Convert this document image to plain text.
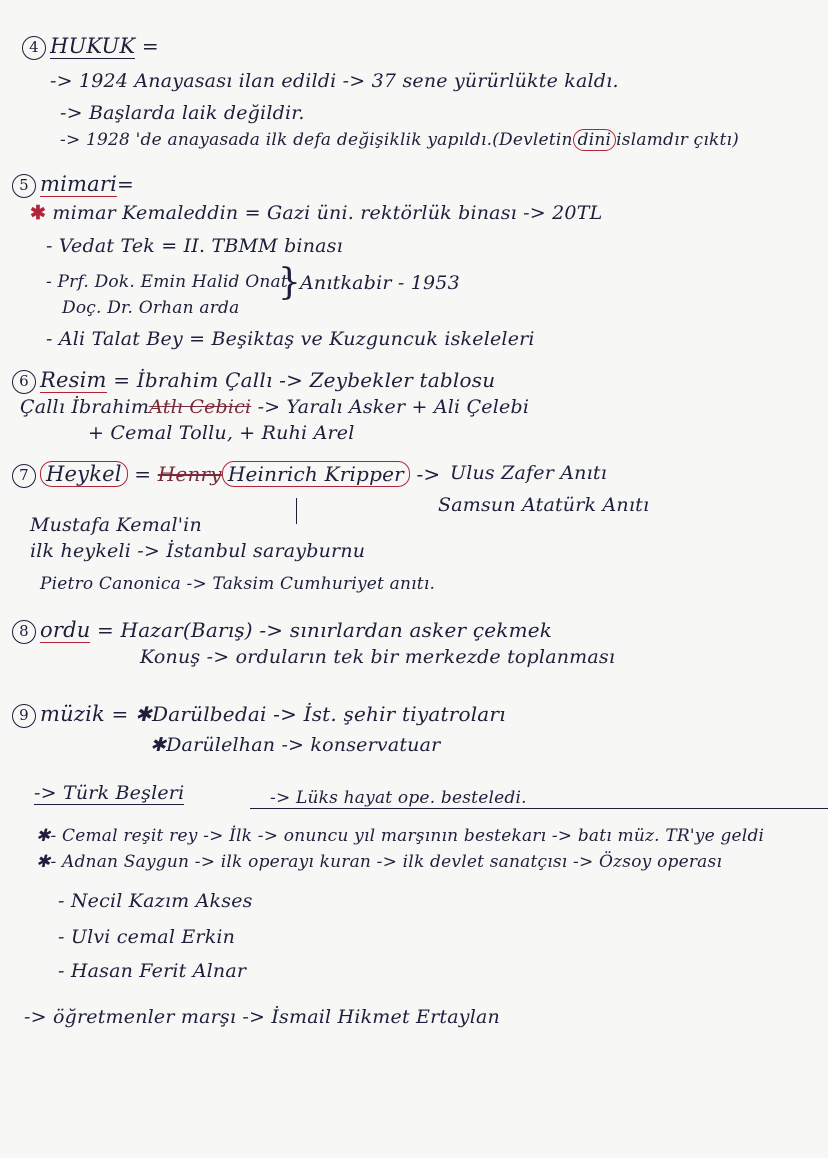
4 HUKUK =
-> 1924 Anayasası ilan edildi -> 37 sene yürürlükte kaldı.
-> Başlarda laik değildir.
-> 1928 'de anayasada ilk defa değişiklik yapıldı.(Devletin dini islamdır çıktı)
5 mimari=
✱ mimar Kemaleddin = Gazi üni. rektörlük binası -> 20TL
- Vedat Tek = II. TBMM binası
- Prf. Dok. Emin Halid Onat
Doç. Dr. Orhan arda
} Anıtkabir - 1953
- Ali Talat Bey = Beşiktaş ve Kuzguncuk iskeleleri
6 Resim = İbrahim Çallı -> Zeybekler tablosu
Çallı İbrahimAtlı Cebici -> Yaralı Asker + Ali Çelebi
+ Cemal Tollu, + Ruhi Arel
7 Heykel = Henry Heinrich Kripper -> Ulus Zafer Anıtı
Samsun Atatürk Anıtı
Mustafa Kemal'in
ilk heykeli -> İstanbul sarayburnu
Pietro Canonica -> Taksim Cumhuriyet anıtı.
8 ordu = Hazar(Barış) -> sınırlardan asker çekmek
Konuş -> orduların tek bir merkezde toplanması
9 müzik = ✱Darülbedai -> İst. şehir tiyatroları
✱Darülelhan -> konservatuar
-> Türk Beşleri	-> Lüks hayat ope. besteledi.
✱- Cemal reşit rey -> İlk -> onuncu yıl marşının bestekarı -> batı müz. TR'ye geldi
✱- Adnan Saygun -> ilk operayı kuran -> ilk devlet sanatçısı -> Özsoy operası
- Necil Kazım Akses
- Ulvi cemal Erkin
- Hasan Ferit Alnar
-> öğretmenler marşı -> İsmail Hikmet Ertaylan
